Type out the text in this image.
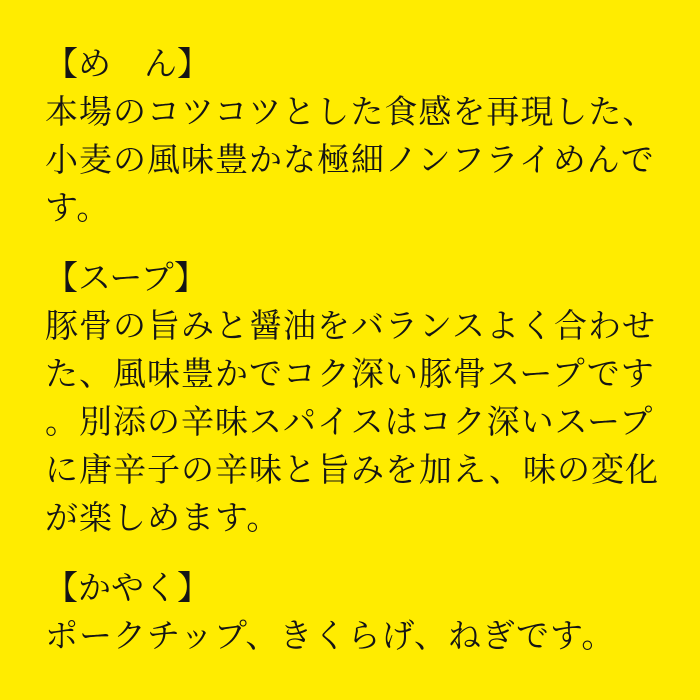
【め　ん】
本場のコツコツとした食感を再現した、
小麦の風味豊かな極細ノンフライめんで
す。
【スープ】
豚骨の旨みと醤油をバランスよく合わせ
た、風味豊かでコク深い豚骨スープです
。別添の辛味スパイスはコク深いスープ
に唐辛子の辛味と旨みを加え、味の変化
が楽しめます。
【かやく】
ポークチップ、きくらげ、ねぎです。
